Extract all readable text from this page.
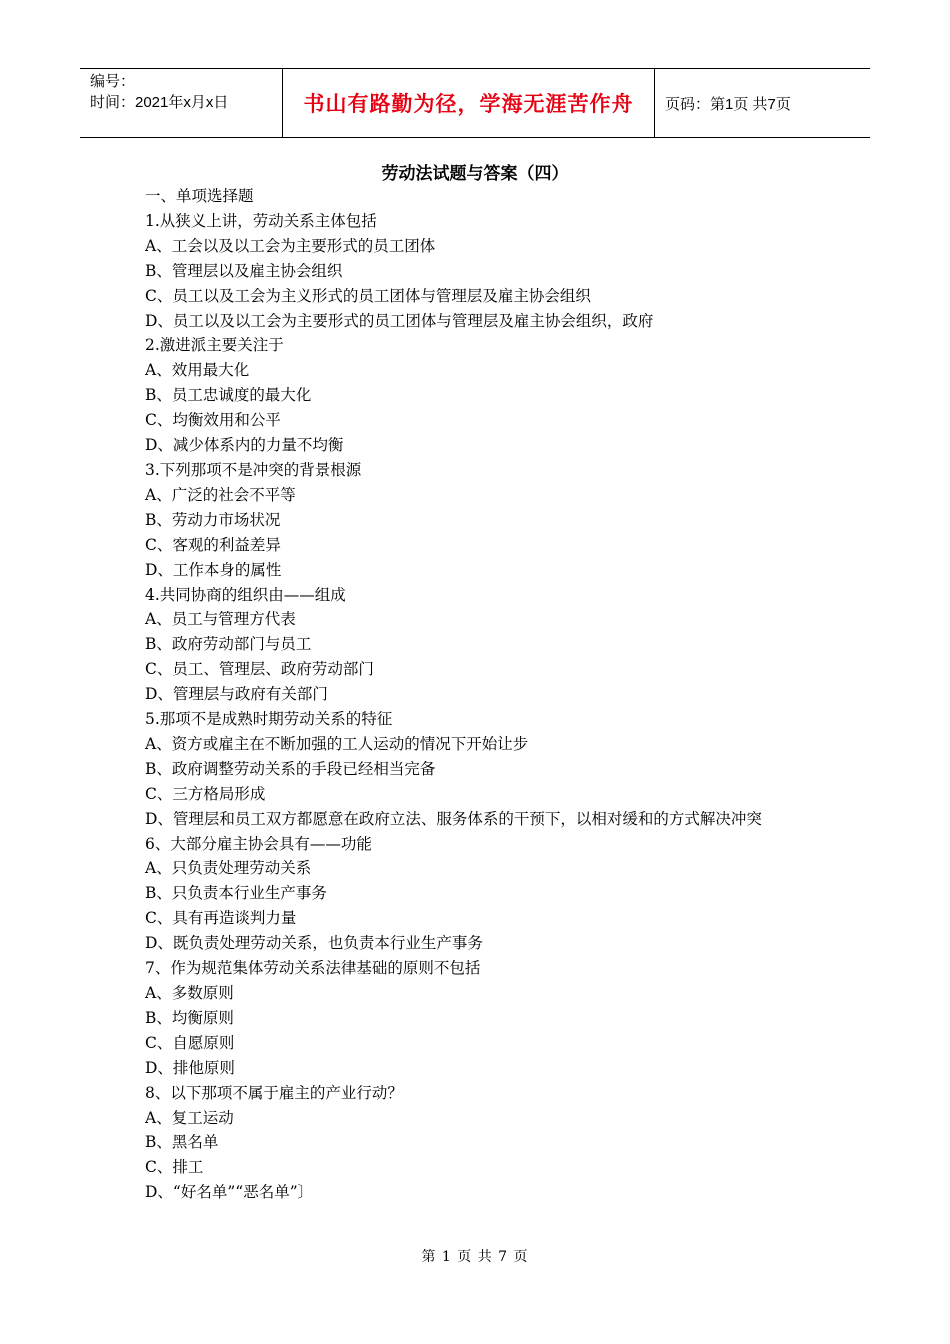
编号：
时间：2021年x月x日	书山有路勤为径，学海无涯苦作舟 页码：第1页 共7页
劳动法试题与答案（四）
一、单项选择题
1.从狭义上讲，劳动关系主体包括
A、工会以及以工会为主要形式的员工团体
B、管理层以及雇主协会组织
C、员工以及工会为主义形式的员工团体与管理层及雇主协会组织
D、员工以及以工会为主要形式的员工团体与管理层及雇主协会组织，政府
2.激进派主要关注于
A、效用最大化
B、员工忠诚度的最大化
C、均衡效用和公平
D、减少体系内的力量不均衡
3.下列那项不是冲突的背景根源
A、广泛的社会不平等
B、劳动力市场状况
C、客观的利益差异
D、工作本身的属性
4.共同协商的组织由——组成
A、员工与管理方代表
B、政府劳动部门与员工
C、员工、管理层、政府劳动部门
D、管理层与政府有关部门
5.那项不是成熟时期劳动关系的特征
A、资方或雇主在不断加强的工人运动的情况下开始让步
B、政府调整劳动关系的手段已经相当完备
C、三方格局形成
D、管理层和员工双方都愿意在政府立法、服务体系的干预下，以相对缓和的方式解决冲突
6、大部分雇主协会具有——功能
A、只负责处理劳动关系
B、只负责本行业生产事务
C、具有再造谈判力量
D、既负责处理劳动关系，也负责本行业生产事务
7、作为规范集体劳动关系法律基础的原则不包括
A、多数原则
B、均衡原则
C、自愿原则
D、排他原则
8、以下那项不属于雇主的产业行动？
A、复工运动
B、黑名单
C、排工
D、“好名单”“恶名单”〕
第 1 页 共 7 页
